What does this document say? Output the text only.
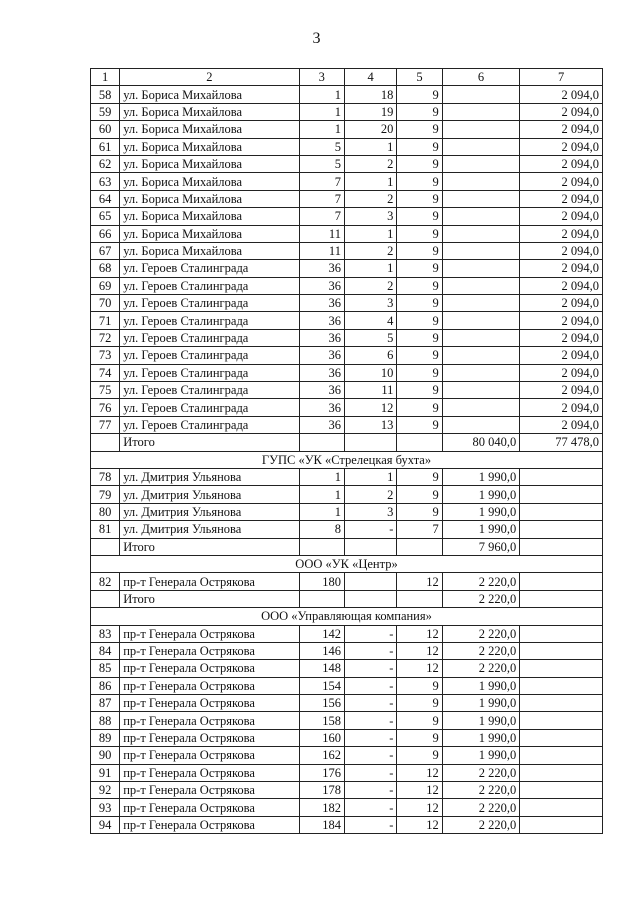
3
1	2	3	4	5	6	7
58	ул. Бориса Михайлова	1	18	9		2 094,0
59	ул. Бориса Михайлова	1	19	9		2 094,0
60	ул. Бориса Михайлова	1	20	9		2 094,0
61	ул. Бориса Михайлова	5	1	9		2 094,0
62	ул. Бориса Михайлова	5	2	9		2 094,0
63	ул. Бориса Михайлова	7	1	9		2 094,0
64	ул. Бориса Михайлова	7	2	9		2 094,0
65	ул. Бориса Михайлова	7	3	9		2 094,0
66	ул. Бориса Михайлова	11	1	9		2 094,0
67	ул. Бориса Михайлова	11	2	9		2 094,0
68	ул. Героев Сталинграда	36	1	9		2 094,0
69	ул. Героев Сталинграда	36	2	9		2 094,0
70	ул. Героев Сталинграда	36	3	9		2 094,0
71	ул. Героев Сталинграда	36	4	9		2 094,0
72	ул. Героев Сталинграда	36	5	9		2 094,0
73	ул. Героев Сталинграда	36	6	9		2 094,0
74	ул. Героев Сталинграда	36	10	9		2 094,0
75	ул. Героев Сталинграда	36	11	9		2 094,0
76	ул. Героев Сталинграда	36	12	9		2 094,0
77	ул. Героев Сталинграда	36	13	9		2 094,0
	Итого				80 040,0	77 478,0
ГУПС «УК «Стрелецкая бухта»						
78	ул. Дмитрия Ульянова	1	1	9	1 990,0	
79	ул. Дмитрия Ульянова	1	2	9	1 990,0	
80	ул. Дмитрия Ульянова	1	3	9	1 990,0	
81	ул. Дмитрия Ульянова	8	-	7	1 990,0	
	Итого				7 960,0	
ООО «УК «Центр»						
82	пр-т Генерала Острякова	180		12	2 220,0	
	Итого				2 220,0	
ООО «Управляющая компания»						
83	пр-т Генерала Острякова	142	-	12	2 220,0	
84	пр-т Генерала Острякова	146	-	12	2 220,0	
85	пр-т Генерала Острякова	148	-	12	2 220,0	
86	пр-т Генерала Острякова	154	-	9	1 990,0	
87	пр-т Генерала Острякова	156	-	9	1 990,0	
88	пр-т Генерала Острякова	158	-	9	1 990,0	
89	пр-т Генерала Острякова	160	-	9	1 990,0	
90	пр-т Генерала Острякова	162	-	9	1 990,0	
91	пр-т Генерала Острякова	176	-	12	2 220,0	
92	пр-т Генерала Острякова	178	-	12	2 220,0	
93	пр-т Генерала Острякова	182	-	12	2 220,0	
94	пр-т Генерала Острякова	184	-	12	2 220,0	
